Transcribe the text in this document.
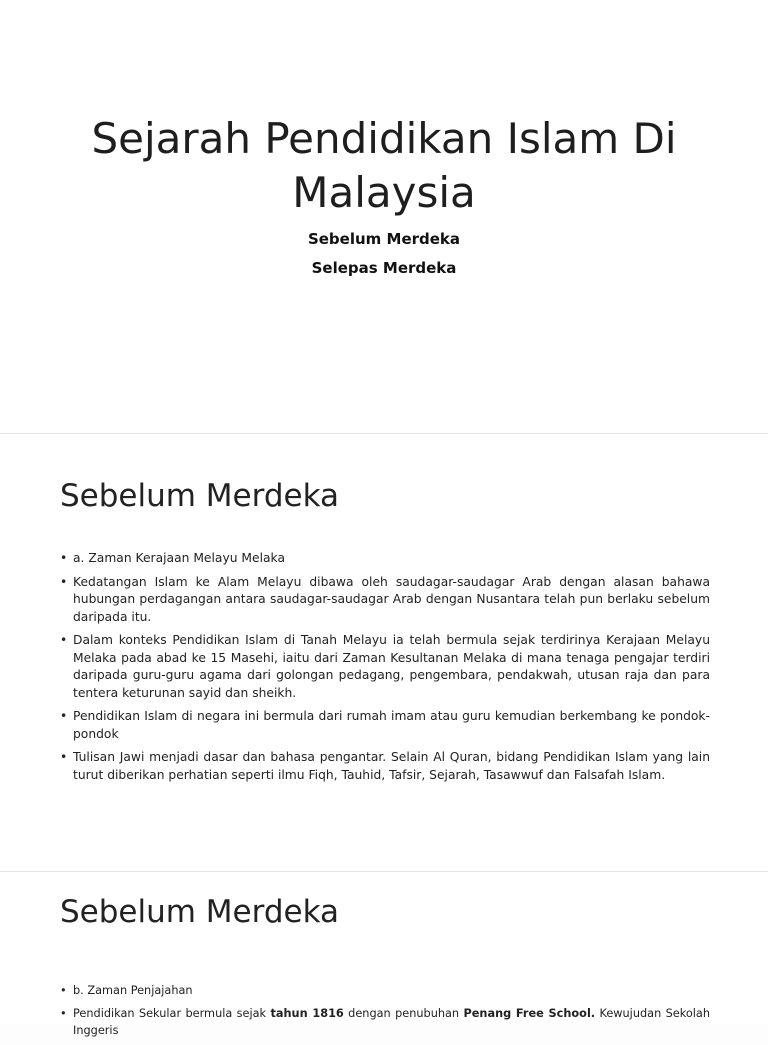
Sejarah Pendidikan Islam Di Malaysia
Sebelum Merdeka
Selepas Merdeka
Sebelum Merdeka
• a. Zaman Kerajaan Melayu Melaka
• Kedatangan Islam ke Alam Melayu dibawa oleh saudagar-saudagar Arab dengan alasan bahawa hubungan perdagangan antara saudagar-saudagar Arab dengan Nusantara telah pun berlaku sebelum daripada itu.
• Dalam konteks Pendidikan Islam di Tanah Melayu ia telah bermula sejak terdirinya Kerajaan Melayu Melaka pada abad ke 15 Masehi, iaitu dari Zaman Kesultanan Melaka di mana tenaga pengajar terdiri daripada guru-guru agama dari golongan pedagang, pengembara, pendakwah, utusan raja dan para tentera keturunan sayid dan sheikh.
• Pendidikan Islam di negara ini bermula dari rumah imam atau guru kemudian berkembang ke pondok-pondok
• Tulisan Jawi menjadi dasar dan bahasa pengantar. Selain Al Quran, bidang Pendidikan Islam yang lain turut diberikan perhatian seperti ilmu Fiqh, Tauhid, Tafsir, Sejarah, Tasawwuf dan Falsafah Islam.
Sebelum Merdeka
• b. Zaman Penjajahan
• Pendidikan Sekular bermula sejak tahun 1816 dengan penubuhan Penang Free School. Kewujudan Sekolah Inggeris
